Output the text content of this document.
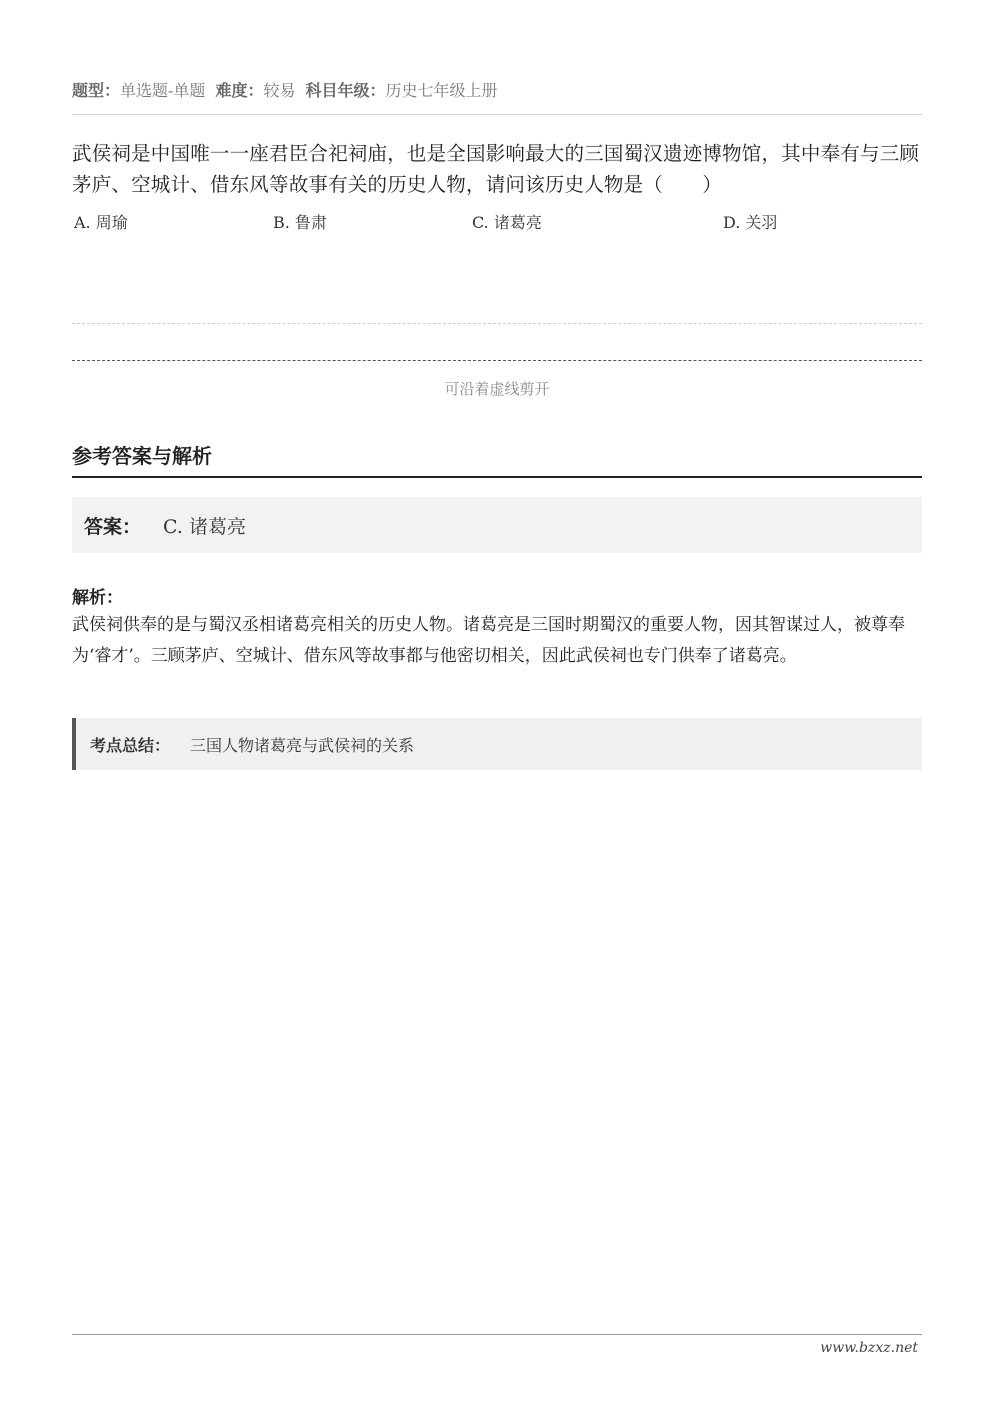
题型：单选题-单题 难度：较易 科目年级：历史七年级上册
武侯祠是中国唯一一座君臣合祀祠庙，也是全国影响最大的三国蜀汉遗迹博物馆，其中奉有与三顾茅庐、空城计、借东风等故事有关的历史人物，请问该历史人物是（　　）
A. 周瑜	B. 鲁肃	C. 诸葛亮	D. 关羽
可沿着虚线剪开
参考答案与解析
答案： C. 诸葛亮
解析：
武侯祠供奉的是与蜀汉丞相诸葛亮相关的历史人物。诸葛亮是三国时期蜀汉的重要人物，因其智谋过人，被尊奉为‘睿才’。三顾茅庐、空城计、借东风等故事都与他密切相关，因此武侯祠也专门供奉了诸葛亮。
考点总结： 三国人物诸葛亮与武侯祠的关系
www.bzxz.net
